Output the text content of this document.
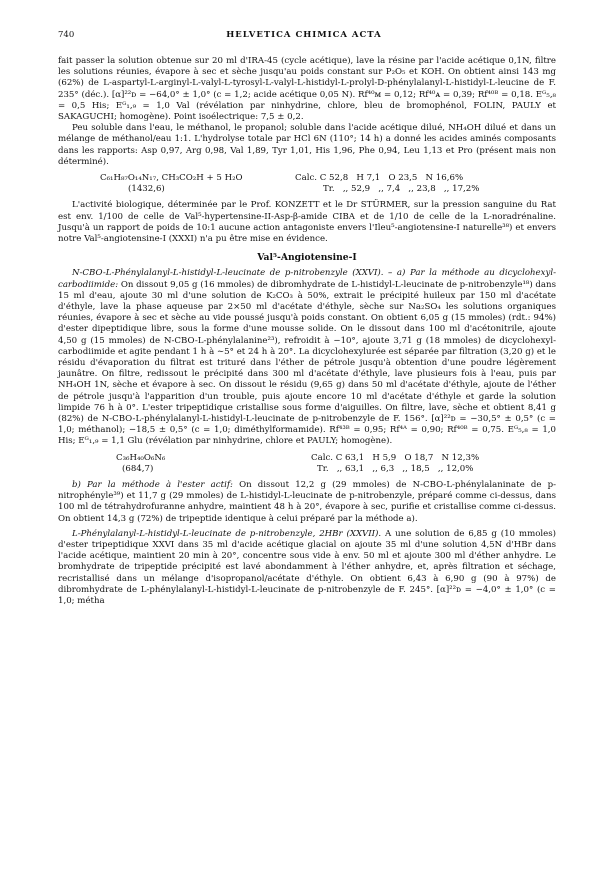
740	HELVETICA CHIMICA ACTA

fait passer la solution obtenue sur 20 ml d'IRA-45 (cycle acétique), lave la résine par l'acide acétique 0,1N, filtre les solutions réunies, évapore à sec et sèche jusqu'au poids constant sur P₂O₅ et KOH. On obtient ainsi 143 mg (62%) de L-aspartyl-L-arginyl-L-valyl-L-tyrosyl-L-valyl-L-histidyl-L-prolyl-D-phénylalanyl-L-histidyl-L-leucine de F. 235° (déc.). [α]²²ᴅ = −64,0° ± 1,0° (c = 1,2; acide acétique 0,05 N). Rf⁴⁰ᴍ = 0,12; Rf⁴⁰ᴀ = 0,39; Rf⁴⁰ᴮ = 0,18. Eᴳ₅,₈ = 0,5 His; Eᴳ₁,₉ = 1,0 Val (révélation par ninhydrine, chlore, bleu de bromophénol, FOLIN, PAULY et SAKAGUCHI; homogène). Point isoélectrique: 7,5 ± 0,2.

Peu soluble dans l'eau, le méthanol, le propanol; soluble dans l'acide acétique dilué, NH₄OH dilué et dans un mélange de méthanol/eau 1:1. L'hydrolyse totale par HCl 6N (110°; 14 h) a donné les acides aminés composants dans les rapports: Asp 0,97, Arg 0,98, Val 1,89, Tyr 1,01, His 1,96, Phe 0,94, Leu 1,13 et Pro (présent mais non déterminé).

C₆₁H₈₇O₁₄N₁₇, CH₃CO₂H + 5 H₂O	Calc. C 52,8   H 7,1   O 23,5   N 16,6%
(1432,6)	Tr.   ,, 52,9   ,, 7,4   ,, 23,8   ,, 17,2%

L'activité biologique, déterminée par le Prof. KONZETT et le Dr STÜRMER, sur la pression sanguine du Rat est env. 1/100 de celle de Val⁵-hypertensine-II-Asp-β-amide CIBA et de 1/10 de celle de la L-noradrénaline. Jusqu'à un rapport de poids de 10:1 aucune action antagoniste envers l'Ileu⁵-angiotensine-I naturelle³⁸) et envers notre Val⁵-angiotensine-I (XXXI) n'a pu être mise en évidence.

Val⁵-Angiotensine-I

N-CBO-L-Phénylalanyl-L-histidyl-L-leucinate de p-nitrobenzyle (XXVI). – a) Par la méthode au dicyclohexyl-carbodiimide: On dissout 9,05 g (16 mmoles) de dibromhydrate de L-histidyl-L-leucinate de p-nitrobenzyle¹⁸) dans 15 ml d'eau, ajoute 30 ml d'une solution de K₂CO₃ à 50%, extrait le précipité huileux par 150 ml d'acétate d'éthyle, lave la phase aqueuse par 2×50 ml d'acétate d'éthyle, sèche sur Na₂SO₄ les solutions organiques réunies, évapore à sec et sèche au vide poussé jusqu'à poids constant. On obtient 6,05 g (15 mmoles) (rdt.: 94%) d'ester dipeptidique libre, sous la forme d'une mousse solide. On le dissout dans 100 ml d'acétonitrile, ajoute 4,50 g (15 mmoles) de N-CBO-L-phénylalanine²³), refroidit à −10°, ajoute 3,71 g (18 mmoles) de dicyclohexyl-carbodiimide et agite pendant 1 h à ∼5° et 24 h à 20°. La dicyclohexylurée est séparée par filtration (3,20 g) et le résidu d'évaporation du filtrat est trituré dans l'éther de pétrole jusqu'à obtention d'une poudre légèrement jaunâtre. On filtre, redissout le précipité dans 300 ml d'acétate d'éthyle, lave plusieurs fois à l'eau, puis par NH₄OH 1N, sèche et évapore à sec. On dissout le résidu (9,65 g) dans 50 ml d'acétate d'éthyle, ajoute de l'éther de pétrole jusqu'à l'apparition d'un trouble, puis ajoute encore 10 ml d'acétate d'éthyle et garde la solution limpide 76 h à 0°. L'ester tripeptidique cristallise sous forme d'aiguilles. On filtre, lave, sèche et obtient 8,41 g (82%) de N-CBO-L-phénylalanyl-L-histidyl-L-leucinate de p-nitrobenzyle de F. 156°. [α]²²ᴅ = −30,5° ± 0,5° (c = 1,0; méthanol); −18,5 ± 0,5° (c = 1,0; diméthylformamide). Rf⁴³ᴮ = 0,95; Rf⁴ᴬ = 0,90; Rf⁴⁰ᴮ = 0,75. Eᴳ₅,₈ = 1,0 His; Eᴳ₁,₉ = 1,1 Glu (révélation par ninhydrine, chlore et PAULY; homogène).

C₃₆H₄₀O₆N₆	Calc. C 63,1   H 5,9   O 18,7   N 12,3%
(684,7)	Tr.   ,, 63,1   ,, 6,3   ,, 18,5   ,, 12,0%

b) Par la méthode à l'ester actif: On dissout 12,2 g (29 mmoles) de N-CBO-L-phénylalaninate de p-nitrophényle³⁹) et 11,7 g (29 mmoles) de L-histidyl-L-leucinate de p-nitrobenzyle, préparé comme ci-dessus, dans 100 ml de tétrahydrofuranne anhydre, maintient 48 h à 20°, évapore à sec, purifie et cristallise comme ci-dessus. On obtient 14,3 g (72%) de tripeptide identique à celui préparé par la méthode a).

L-Phénylalanyl-L-histidyl-L-leucinate de p-nitrobenzyle, 2HBr (XXVII). A une solution de 6,85 g (10 mmoles) d'ester tripeptidique XXVI dans 35 ml d'acide acétique glacial on ajoute 35 ml d'une solution 4,5N d'HBr dans l'acide acétique, maintient 20 min à 20°, concentre sous vide à env. 50 ml et ajoute 300 ml d'éther anhydre. Le bromhydrate de tripeptide précipité est lavé abondamment à l'éther anhydre, et, après filtration et séchage, recristallisé dans un mélange d'isopropanol/acétate d'éthyle. On obtient 6,43 à 6,90 g (90 à 97%) de dibromhydrate de L-phénylalanyl-L-histidyl-L-leucinate de p-nitrobenzyle de F. 245°. [α]²²ᴅ = −4,0° ± 1,0° (c = 1,0; métha
